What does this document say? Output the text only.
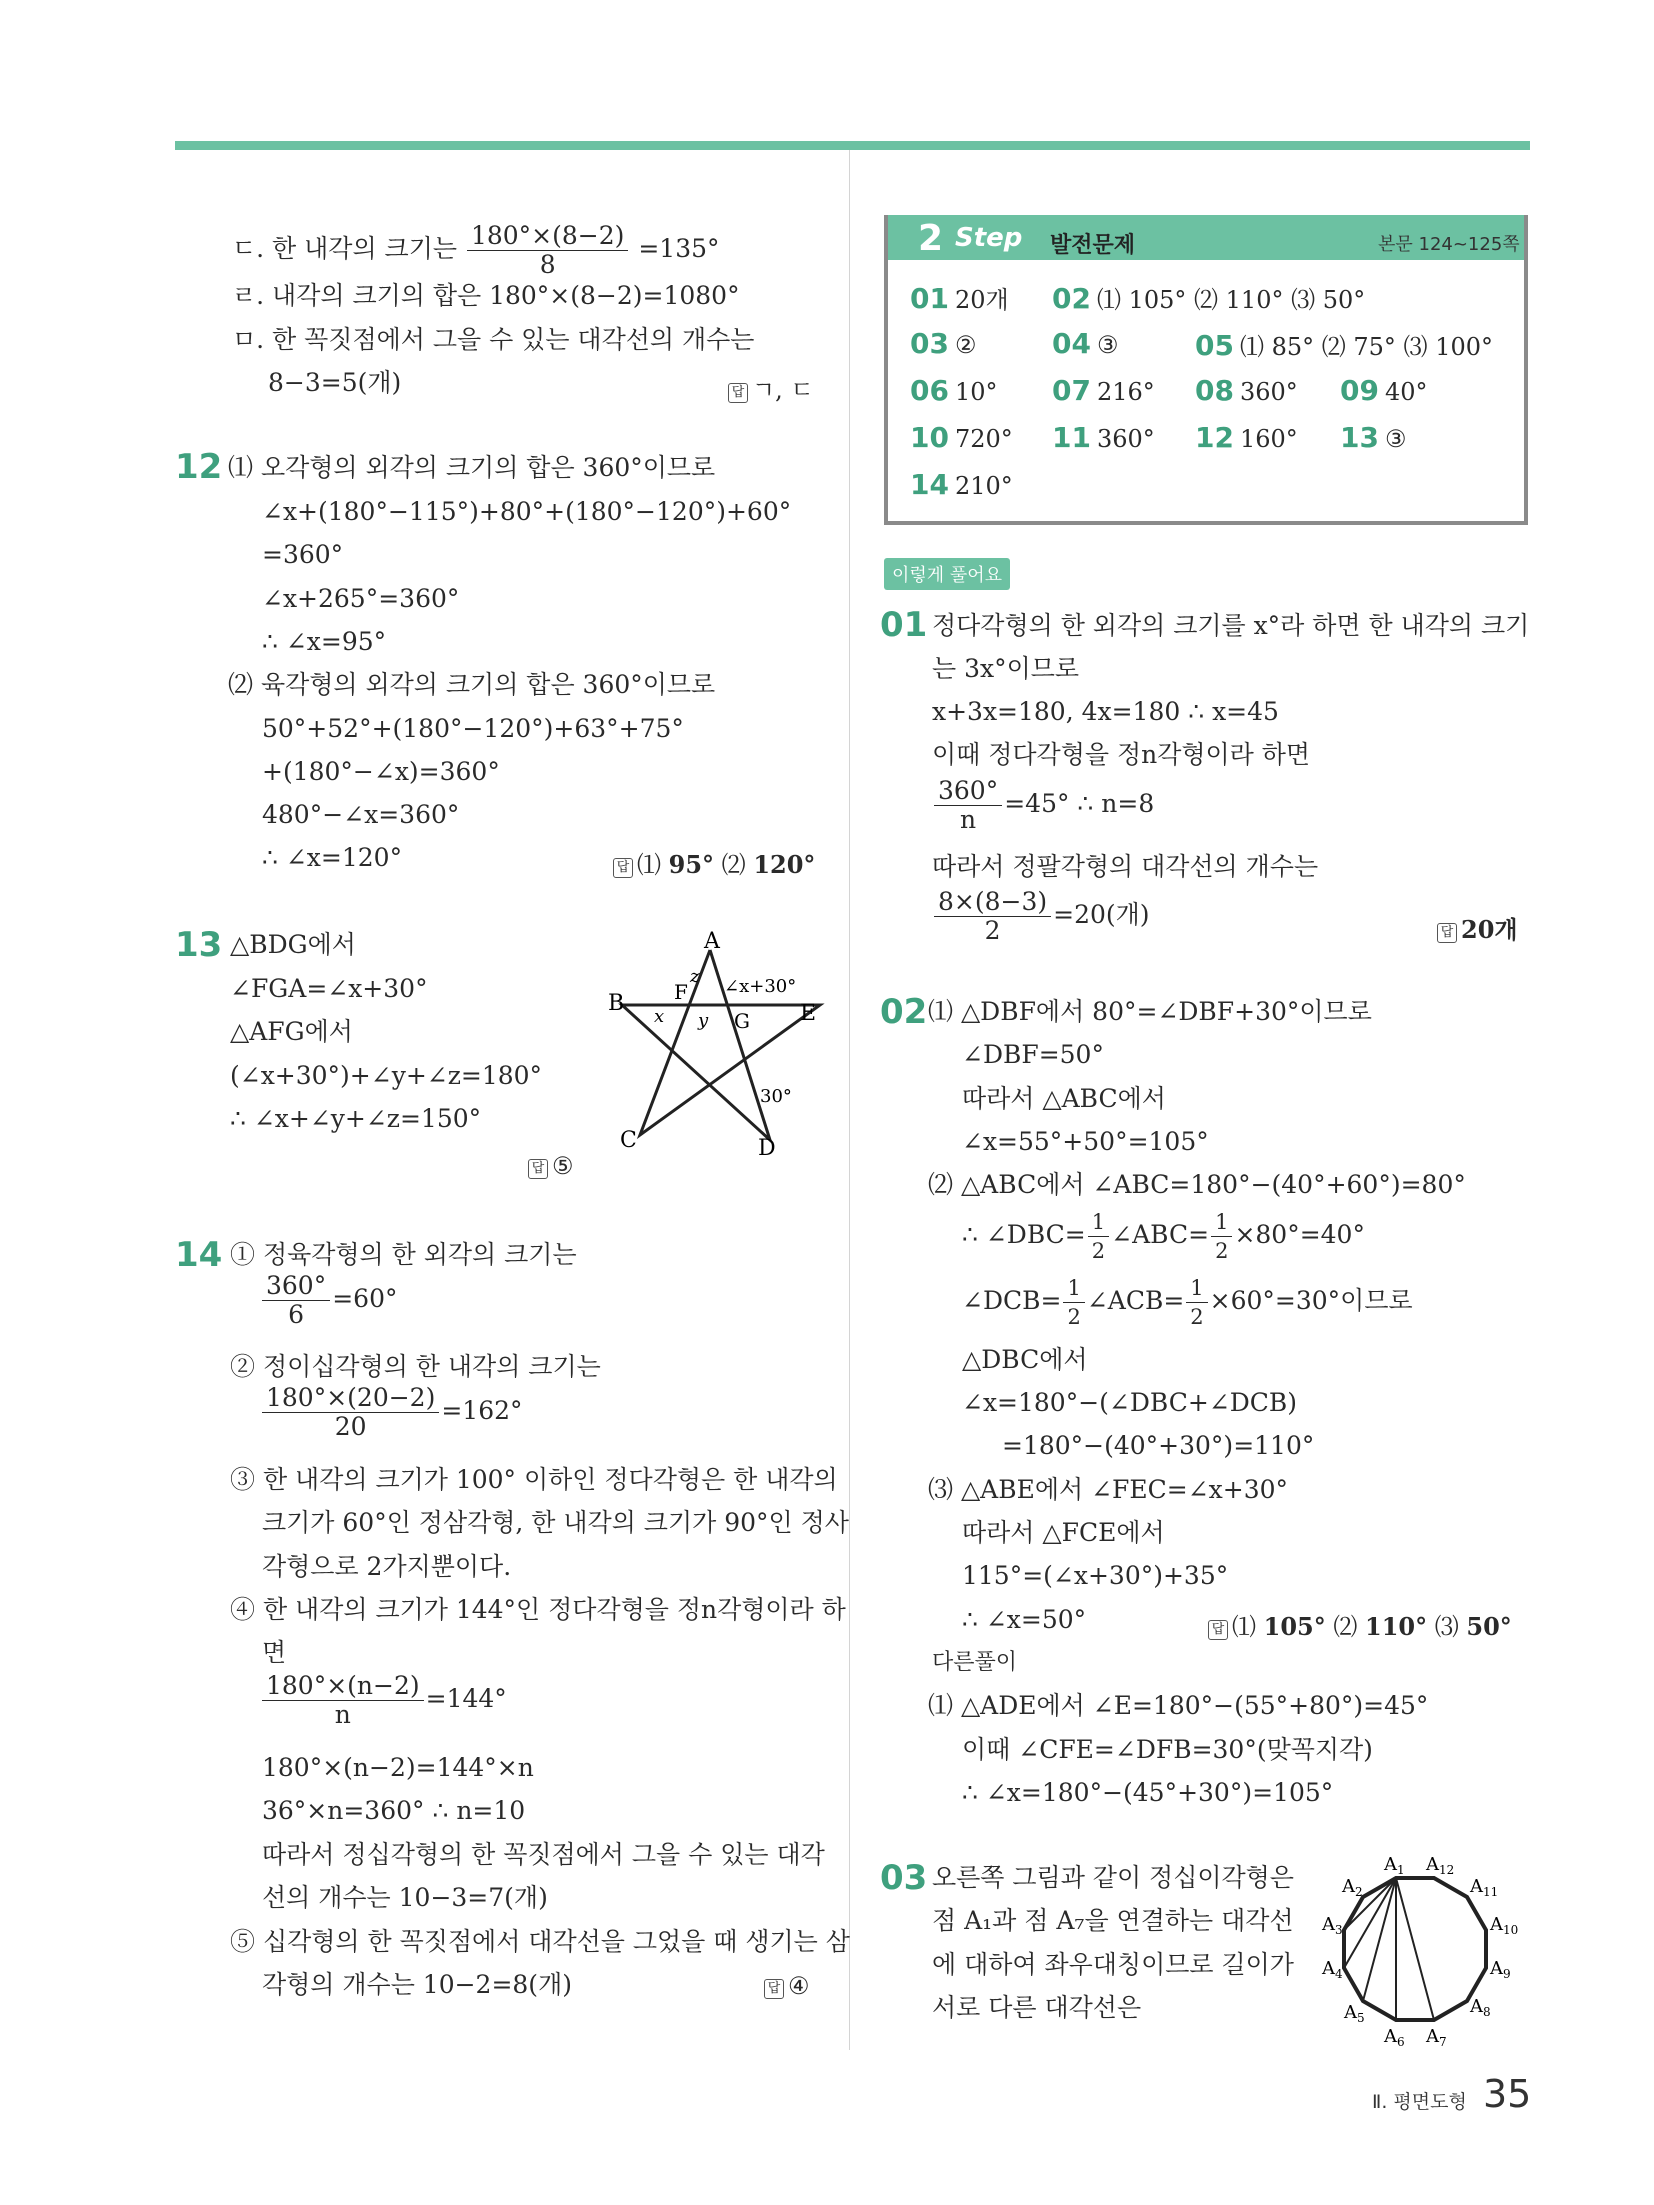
ㄷ. 한 내각의 크기는 $\frac{180^\circ\times(8-2)}{8} =135^\circ$
ㄹ. 내각의 크기의 합은 180°×(8−2)=1080°
ㅁ. 한 꼭짓점에서 그을 수 있는 대각선의 개수는
8−3=5(개)	답 ㄱ, ㄷ
12 ⑴ 오각형의 외각의 크기의 합은 360°이므로
∠x+(180°−115°)+80°+(180°−120°)+60°
=360°
∠x+265°=360°
∴ ∠x=95°
⑵ 육각형의 외각의 크기의 합은 360°이므로
50°+52°+(180°−120°)+63°+75°
+(180°−∠x)=360°
480°−∠x=360°
∴ ∠x=120°	답 ⑴ 95° ⑵ 120°
13 △BDG에서
∠FGA=∠x+30°
△AFG에서
(∠x+30°)+∠y+∠z=180°
∴ ∠x+∠y+∠z=150°
답 ⑤
A
B
C	D
E
F
G
x y
z ∠x+30°
30°
14 ① 정육각형의 한 외각의 크기는
$\frac{360^\circ}{6} =60^\circ$
② 정이십각형의 한 내각의 크기는
$\frac{180^\circ\times(20-2)}{20} =162^\circ$
③ 한 내각의 크기가 100° 이하인 정다각형은 한 내각의
크기가 60°인 정삼각형, 한 내각의 크기가 90°인 정사
각형으로 2가지뿐이다.
④ 한 내각의 크기가 144°인 정다각형을 정n각형이라 하
면
$\frac{180^\circ\times(n-2)}{n} =144^\circ$
180°×(n−2)=144°×n
36°×n=360° ∴ n=10
따라서 정십각형의 한 꼭짓점에서 그을 수 있는 대각
선의 개수는 10−3=7(개)
⑤ 십각형의 한 꼭짓점에서 대각선을 그었을 때 생기는 삼
각형의 개수는 10−2=8(개)	답 ④
2 Step 발전문제	본문 124~125쪽
01 20개 02 ⑴ 105° ⑵ 110° ⑶ 50°
03 ②	04 ③	05 ⑴ 85° ⑵ 75° ⑶ 100°
06 10° 07 216° 08 360° 09 40°
10 720° 11 360° 12 160° 13 ③
14 210°
이렇게 풀어요
01 정다각형의 한 외각의 크기를 x°라 하면 한 내각의 크기
는 3x°이므로
x+3x=180, 4x=180 ∴ x=45
이때 정다각형을 정n각형이라 하면
$\frac{360^\circ}{n} =45^\circ$ ∴ n=8
따라서 정팔각형의 대각선의 개수는
$\frac{8\times(8-3)}{2} =20$(개)
답 20개
02 ⑴ △DBF에서 80°=∠DBF+30°이므로
∠DBF=50°
따라서 △ABC에서
∠x=55°+50°=105°
⑵ △ABC에서 ∠ABC=180°−(40°+60°)=80°
∴ ∠DBC= $\frac{1}{2}$ ∠ABC= $\frac{1}{2} \times 80^\circ=40^\circ$
∠DCB= $\frac{1}{2}$ ∠ACB= $\frac{1}{2} \times 60^\circ=30^\circ$이므로
△DBC에서
∠x=180°−(∠DBC+∠DCB)
=180°−(40°+30°)=110°
⑶ △ABE에서 ∠FEC=∠x+30°
따라서 △FCE에서
115°=(∠x+30°)+35°
∴ ∠x=50°	답 ⑴ 105° ⑵ 110° ⑶ 50°
다른풀이
⑴ △ADE에서 ∠E=180°−(55°+80°)=45°
이때 ∠CFE=∠DFB=30°(맞꼭지각)
∴ ∠x=180°−(45°+30°)=105°
03 오른쪽 그림과 같이 정십이각형은
점 A₁과 점 A₇을 연결하는 대각선
에 대하여 좌우대칭이므로 길이가
서로 다른 대각선은
$A_1$ $A_{12}$
$A_{11}$
$A_{10}$
$A_9$
$A_8$
$A_7$
$A_6$
$A_5$
$A_4$
$A_3$
$A_2$
Ⅱ. 평면도형 35
